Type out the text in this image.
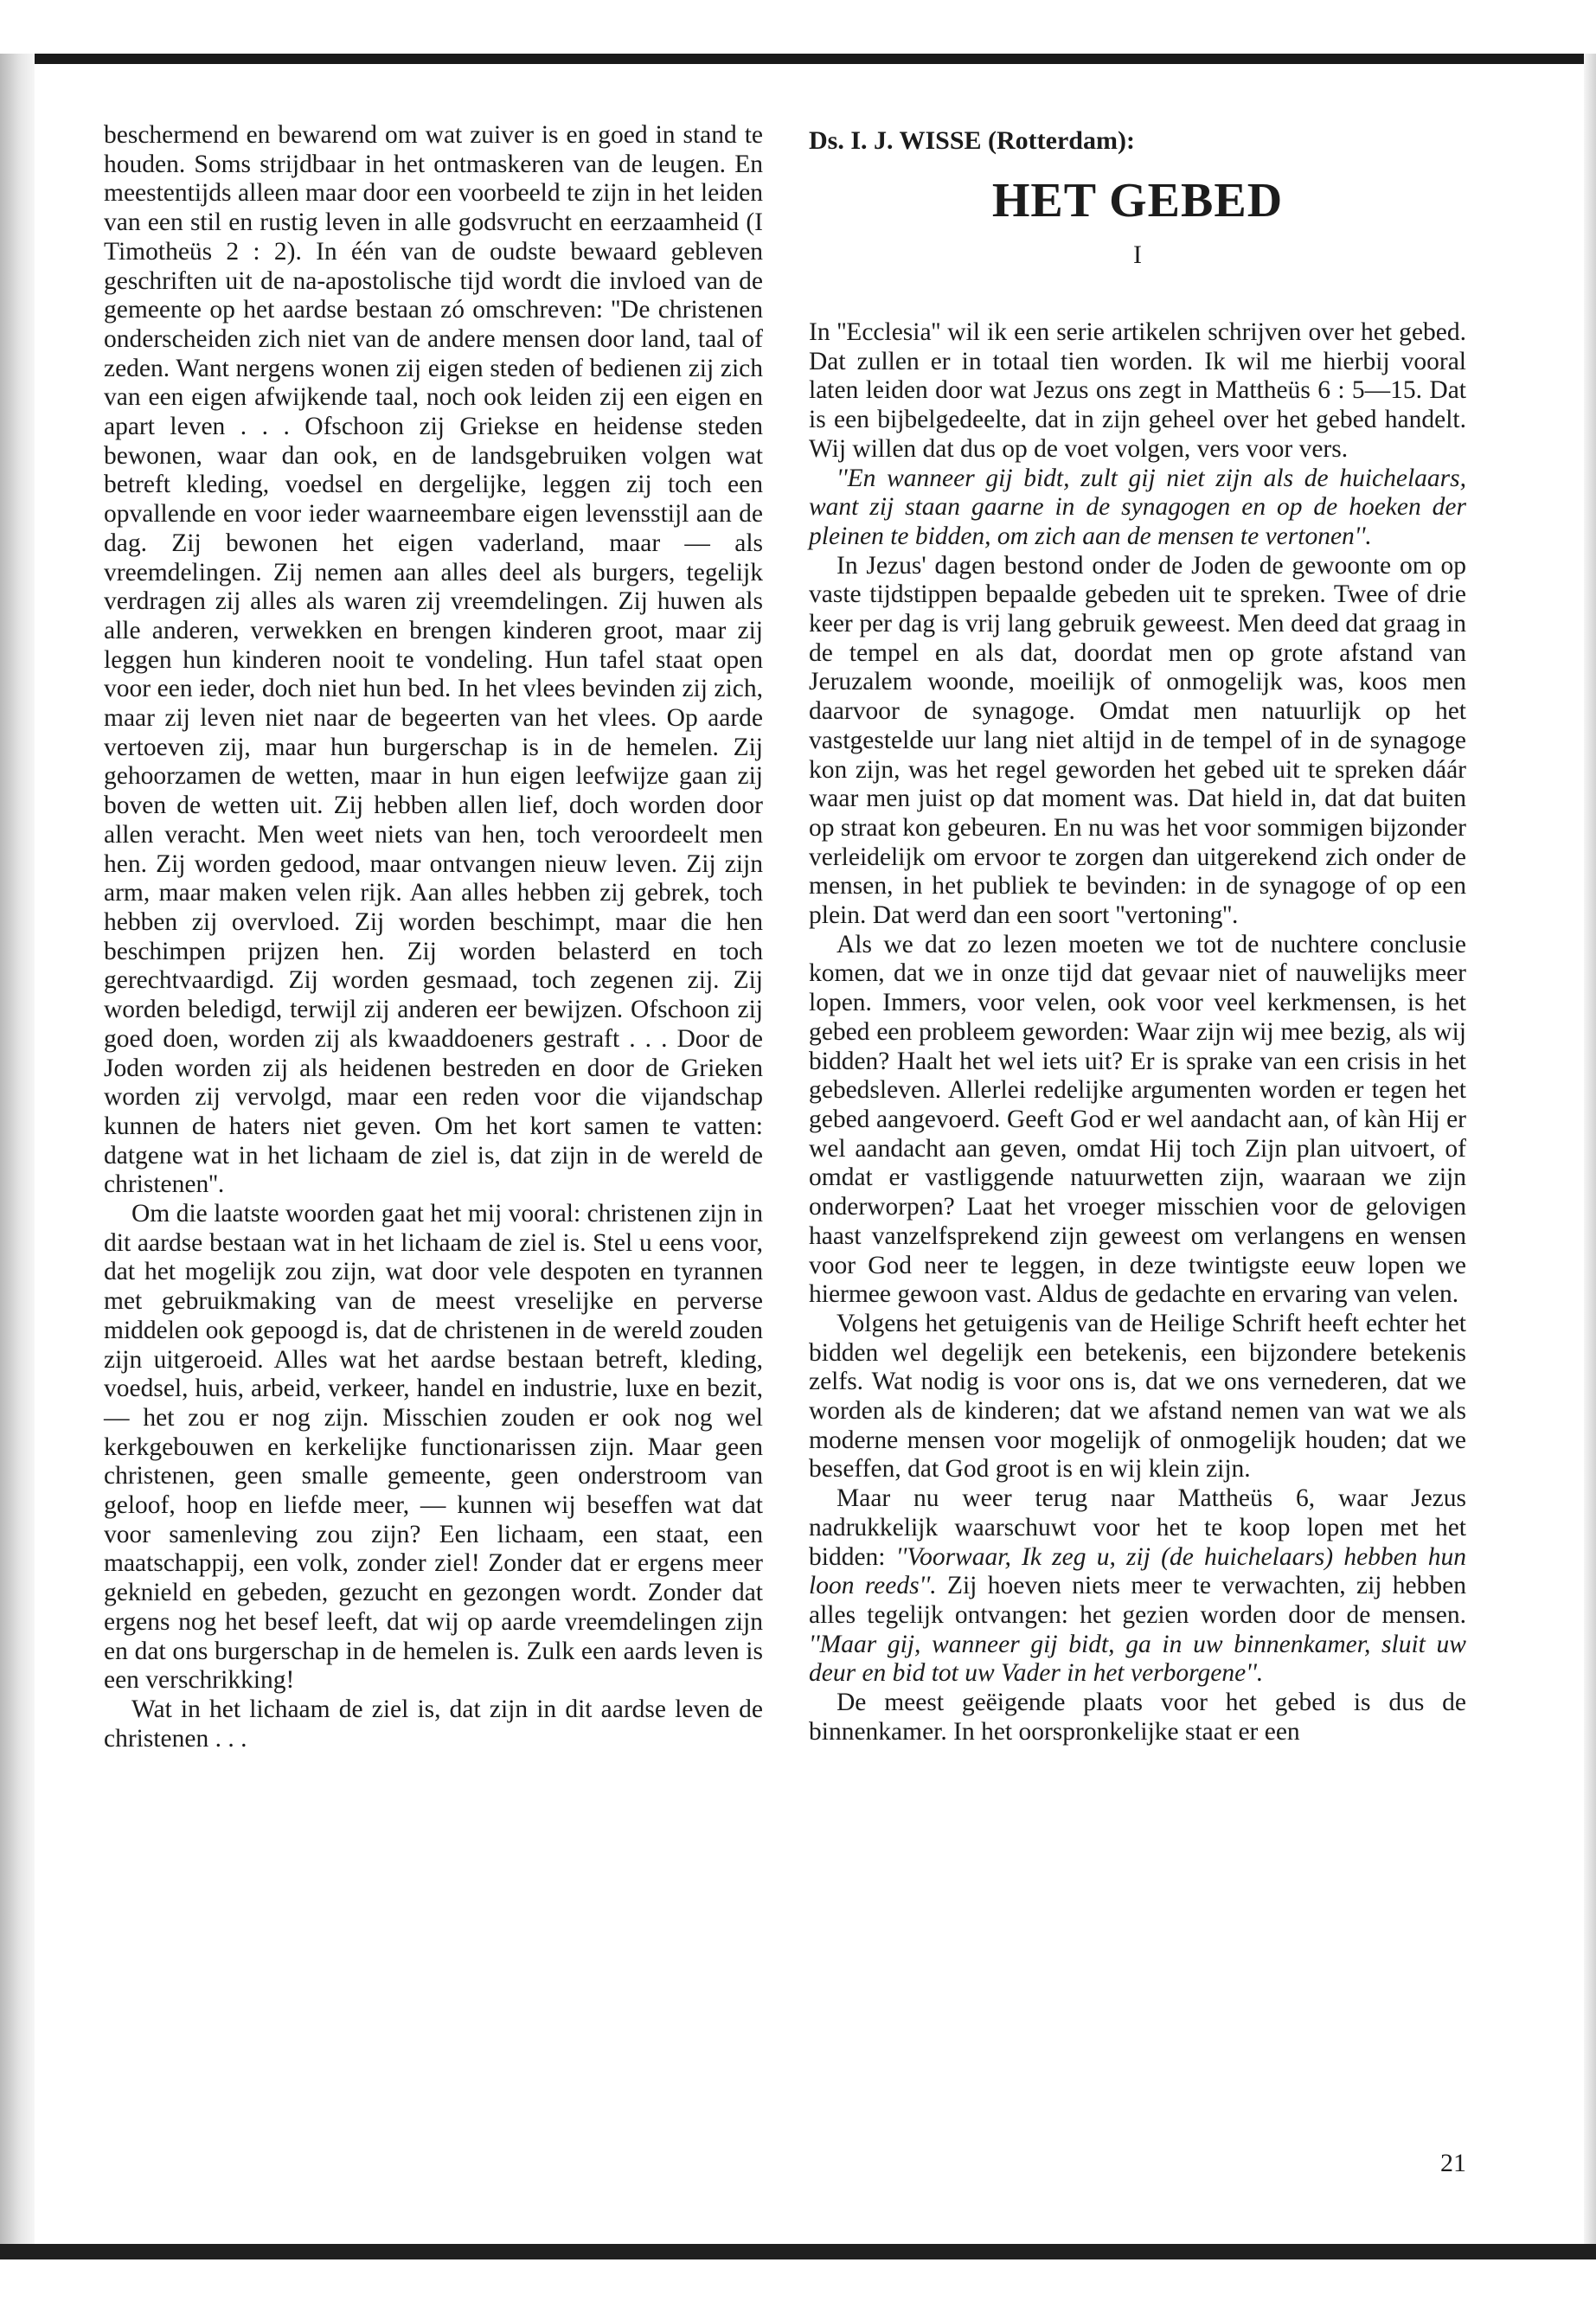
beschermend en bewarend om wat zuiver is en goed in stand te houden. Soms strijdbaar in het ontmaskeren van de leugen. En meestentijds alleen maar door een voorbeeld te zijn in het leiden van een stil en rustig leven in alle godsvrucht en eerzaamheid (I Timotheüs 2 : 2). In één van de oudste bewaard gebleven geschriften uit de na-apostolische tijd wordt die invloed van de gemeente op het aardse bestaan zó omschreven: ''De christenen onderscheiden zich niet van de andere mensen door land, taal of zeden. Want nergens wonen zij eigen steden of bedienen zij zich van een eigen afwijkende taal, noch ook leiden zij een eigen en apart leven . . . Ofschoon zij Griekse en heidense steden bewonen, waar dan ook, en de landsgebruiken volgen wat betreft kleding, voedsel en dergelijke, leggen zij toch een opvallende en voor ieder waarneembare eigen levensstijl aan de dag. Zij bewonen het eigen vaderland, maar — als vreemdelingen. Zij nemen aan alles deel als burgers, tegelijk verdragen zij alles als waren zij vreemdelingen. Zij huwen als alle anderen, verwekken en brengen kinderen groot, maar zij leggen hun kinderen nooit te vondeling. Hun tafel staat open voor een ieder, doch niet hun bed. In het vlees bevinden zij zich, maar zij leven niet naar de begeerten van het vlees. Op aarde vertoeven zij, maar hun burgerschap is in de hemelen. Zij gehoorzamen de wetten, maar in hun eigen leefwijze gaan zij boven de wetten uit. Zij hebben allen lief, doch worden door allen veracht. Men weet niets van hen, toch veroordeelt men hen. Zij worden gedood, maar ontvangen nieuw leven. Zij zijn arm, maar maken velen rijk. Aan alles hebben zij gebrek, toch hebben zij overvloed. Zij worden beschimpt, maar die hen beschimpen prijzen hen. Zij worden belasterd en toch gerechtvaardigd. Zij worden gesmaad, toch zegenen zij. Zij worden beledigd, terwijl zij anderen eer bewijzen. Ofschoon zij goed doen, worden zij als kwaaddoeners gestraft . . . Door de Joden worden zij als heidenen bestreden en door de Grieken worden zij vervolgd, maar een reden voor die vijandschap kunnen de haters niet geven. Om het kort samen te vatten: datgene wat in het lichaam de ziel is, dat zijn in de wereld de christenen''.

Om die laatste woorden gaat het mij vooral: christenen zijn in dit aardse bestaan wat in het lichaam de ziel is. Stel u eens voor, dat het mogelijk zou zijn, wat door vele despoten en tyrannen met gebruikmaking van de meest vreselijke en perverse middelen ook gepoogd is, dat de christenen in de wereld zouden zijn uitgeroeid. Alles wat het aardse bestaan betreft, kleding, voedsel, huis, arbeid, verkeer, handel en industrie, luxe en bezit, — het zou er nog zijn. Misschien zouden er ook nog wel kerkgebouwen en kerkelijke functionarissen zijn. Maar geen christenen, geen smalle gemeente, geen onderstroom van geloof, hoop en liefde meer, — kunnen wij beseffen wat dat voor samenleving zou zijn? Een lichaam, een staat, een maatschappij, een volk, zonder ziel! Zonder dat er ergens meer geknield en gebeden, gezucht en gezongen wordt. Zonder dat ergens nog het besef leeft, dat wij op aarde vreemdelingen zijn en dat ons burgerschap in de hemelen is. Zulk een aards leven is een verschrikking!

Wat in het lichaam de ziel is, dat zijn in dit aardse leven de christenen . . .

Ds. I. J. WISSE (Rotterdam):
HET GEBED
I

In ''Ecclesia'' wil ik een serie artikelen schrijven over het gebed. Dat zullen er in totaal tien worden. Ik wil me hierbij vooral laten leiden door wat Jezus ons zegt in Mattheüs 6 : 5—15. Dat is een bijbelgedeelte, dat in zijn geheel over het gebed handelt. Wij willen dat dus op de voet volgen, vers voor vers.

''En wanneer gij bidt, zult gij niet zijn als de huichelaars, want zij staan gaarne in de synagogen en op de hoeken der pleinen te bidden, om zich aan de mensen te vertonen''.

In Jezus' dagen bestond onder de Joden de gewoonte om op vaste tijdstippen bepaalde gebeden uit te spreken. Twee of drie keer per dag is vrij lang gebruik geweest. Men deed dat graag in de tempel en als dat, doordat men op grote afstand van Jeruzalem woonde, moeilijk of onmogelijk was, koos men daarvoor de synagoge. Omdat men natuurlijk op het vastgestelde uur lang niet altijd in de tempel of in de synagoge kon zijn, was het regel geworden het gebed uit te spreken dáár waar men juist op dat moment was. Dat hield in, dat dat buiten op straat kon gebeuren. En nu was het voor sommigen bijzonder verleidelijk om ervoor te zorgen dan uitgerekend zich onder de mensen, in het publiek te bevinden: in de synagoge of op een plein. Dat werd dan een soort ''vertoning''.

Als we dat zo lezen moeten we tot de nuchtere conclusie komen, dat we in onze tijd dat gevaar niet of nauwelijks meer lopen. Immers, voor velen, ook voor veel kerkmensen, is het gebed een probleem geworden: Waar zijn wij mee bezig, als wij bidden? Haalt het wel iets uit? Er is sprake van een crisis in het gebedsleven. Allerlei redelijke argumenten worden er tegen het gebed aangevoerd. Geeft God er wel aandacht aan, of kàn Hij er wel aandacht aan geven, omdat Hij toch Zijn plan uitvoert, of omdat er vastliggende natuurwetten zijn, waaraan we zijn onderworpen? Laat het vroeger misschien voor de gelovigen haast vanzelfsprekend zijn geweest om verlangens en wensen voor God neer te leggen, in deze twintigste eeuw lopen we hiermee gewoon vast. Aldus de gedachte en ervaring van velen.

Volgens het getuigenis van de Heilige Schrift heeft echter het bidden wel degelijk een betekenis, een bijzondere betekenis zelfs. Wat nodig is voor ons is, dat we ons vernederen, dat we worden als de kinderen; dat we afstand nemen van wat we als moderne mensen voor mogelijk of onmogelijk houden; dat we beseffen, dat God groot is en wij klein zijn.

Maar nu weer terug naar Mattheüs 6, waar Jezus nadrukkelijk waarschuwt voor het te koop lopen met het bidden: ''Voorwaar, Ik zeg u, zij (de huichelaars) hebben hun loon reeds''. Zij hoeven niets meer te verwachten, zij hebben alles tegelijk ontvangen: het gezien worden door de mensen. ''Maar gij, wanneer gij bidt, ga in uw binnenkamer, sluit uw deur en bid tot uw Vader in het verborgene''.

De meest geëigende plaats voor het gebed is dus de binnenkamer. In het oorspronkelijke staat er een

21
